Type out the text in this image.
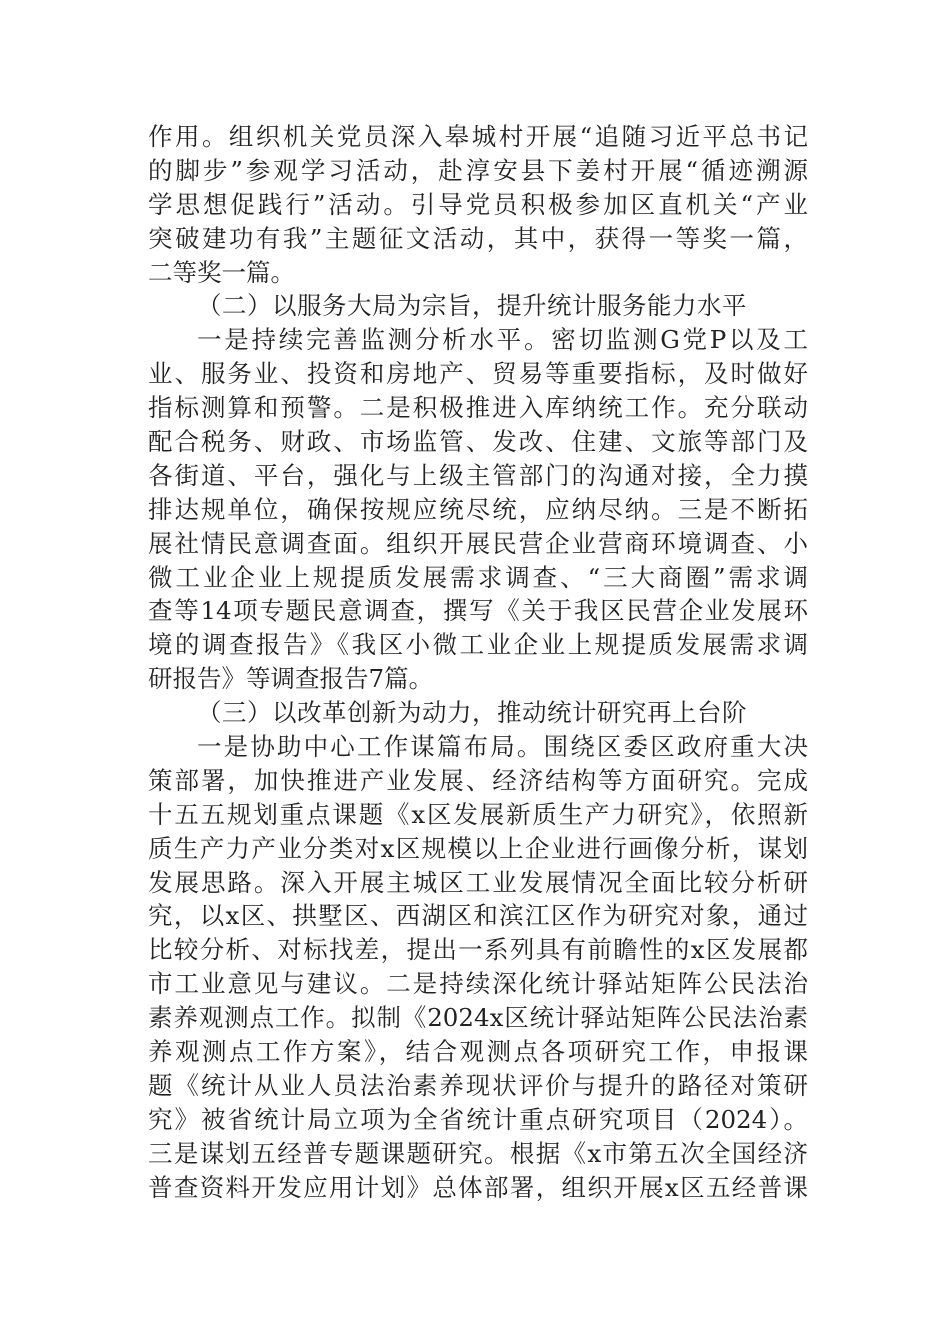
作用。组织机关党员深入皋城村开展“追随习近平总书记
的脚步”参观学习活动，赴淳安县下姜村开展“循迹溯源
学思想促践行”活动。引导党员积极参加区直机关“产业
突破建功有我”主题征文活动，其中，获得一等奖一篇，
二等奖一篇。
（二）以服务大局为宗旨，提升统计服务能力水平
一是持续完善监测分析水平。密切监测G党P以及工
业、服务业、投资和房地产、贸易等重要指标，及时做好
指标测算和预警。二是积极推进入库纳统工作。充分联动
配合税务、财政、市场监管、发改、住建、文旅等部门及
各街道、平台，强化与上级主管部门的沟通对接，全力摸
排达规单位，确保按规应统尽统，应纳尽纳。三是不断拓
展社情民意调查面。组织开展民营企业营商环境调查、小
微工业企业上规提质发展需求调查、“三大商圈”需求调
查等14项专题民意调查，撰写《关于我区民营企业发展环
境的调查报告》《我区小微工业企业上规提质发展需求调
研报告》等调查报告7篇。
（三）以改革创新为动力，推动统计研究再上台阶
一是协助中心工作谋篇布局。围绕区委区政府重大决
策部署，加快推进产业发展、经济结构等方面研究。完成
十五五规划重点课题《x区发展新质生产力研究》，依照新
质生产力产业分类对x区规模以上企业进行画像分析，谋划
发展思路。深入开展主城区工业发展情况全面比较分析研
究，以x区、拱墅区、西湖区和滨江区作为研究对象，通过
比较分析、对标找差，提出一系列具有前瞻性的x区发展都
市工业意见与建议。二是持续深化统计驿站矩阵公民法治
素养观测点工作。拟制《2024x区统计驿站矩阵公民法治素
养观测点工作方案》，结合观测点各项研究工作，申报课
题《统计从业人员法治素养现状评价与提升的路径对策研
究》被省统计局立项为全省统计重点研究项目（2024）。
三是谋划五经普专题课题研究。根据《x市第五次全国经济
普查资料开发应用计划》总体部署，组织开展x区五经普课
